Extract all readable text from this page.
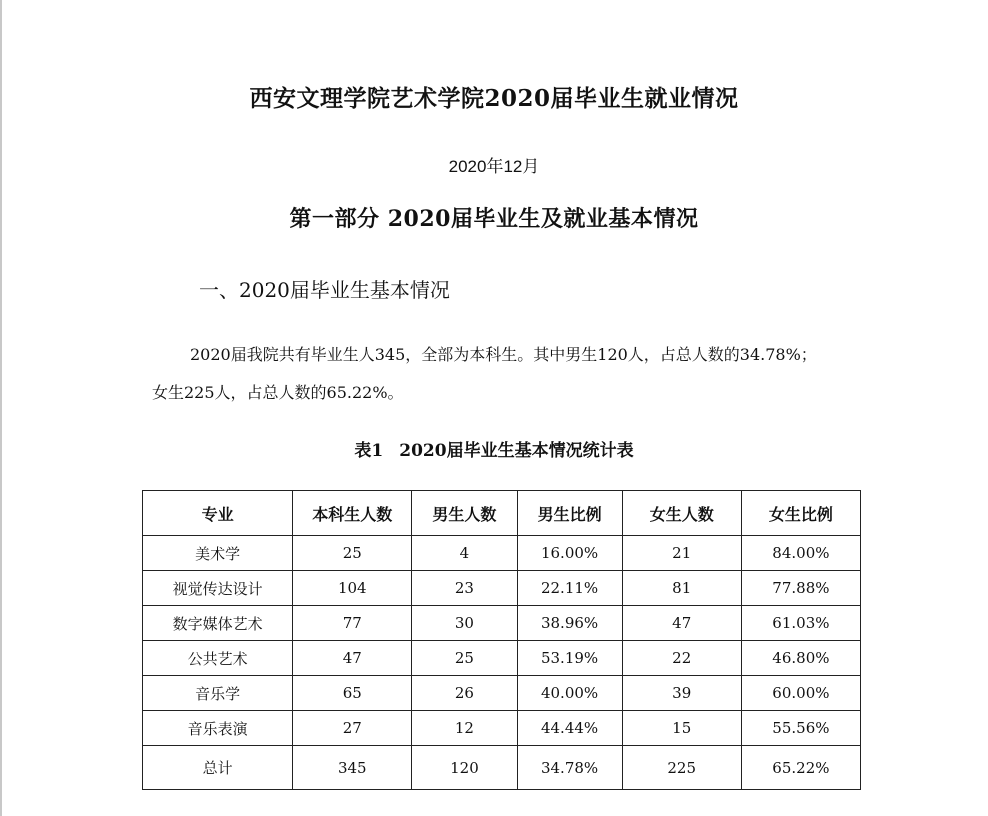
西安文理学院艺术学院2020届毕业生就业情况
2020年12月
第一部分 2020届毕业生及就业基本情况
一、2020届毕业生基本情况
2020届我院共有毕业生人345，全部为本科生。其中男生120人，占总人数的34.78%；女生225人，占总人数的65.22%。
表1 2020届毕业生基本情况统计表
专业	本科生人数	男生人数	男生比例	女生人数	女生比例
美术学	25	4	16.00%	21	84.00%
视觉传达设计	104	23	22.11%	81	77.88%
数字媒体艺术	77	30	38.96%	47	61.03%
公共艺术	47	25	53.19%	22	46.80%
音乐学	65	26	40.00%	39	60.00%
音乐表演	27	12	44.44%	15	55.56%
总计	345	120	34.78%	225	65.22%
